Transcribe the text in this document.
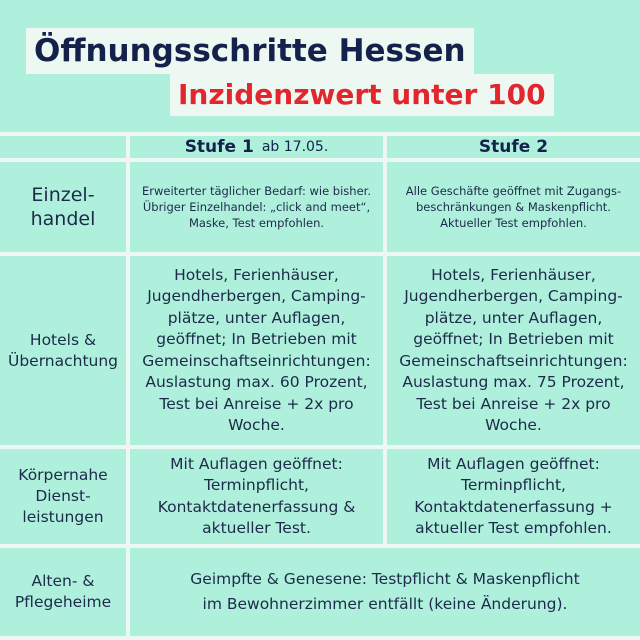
Öffnungsschritte Hessen
Inzidenzwert unter 100
Stufe 1 ab 17.05.	Stufe 2
Einzel-
handel
Erweiterter täglicher Bedarf: wie bisher.
Übriger Einzelhandel: „click and meet“,
Maske, Test empfohlen.
Alle Geschäfte geöffnet mit Zugangs-
beschränkungen & Maskenpflicht.
Aktueller Test empfohlen.
Hotels &
Übernachtung
Hotels, Ferienhäuser,
Jugendherbergen, Camping-
plätze, unter Auflagen,
geöffnet; In Betrieben mit
Gemeinschaftseinrichtungen:
Auslastung max. 60 Prozent,
Test bei Anreise + 2x pro
Woche.
Hotels, Ferienhäuser,
Jugendherbergen, Camping-
plätze, unter Auflagen,
geöffnet; In Betrieben mit
Gemeinschaftseinrichtungen:
Auslastung max. 75 Prozent,
Test bei Anreise + 2x pro
Woche.
Körpernahe
Dienst-
leistungen
Mit Auflagen geöffnet:
Terminpflicht,
Kontaktdatenerfassung &
aktueller Test.
Mit Auflagen geöffnet:
Terminpflicht,
Kontaktdatenerfassung +
aktueller Test empfohlen.
Alten- &
Pflegeheime
Geimpfte & Genesene: Testpflicht & Maskenpflicht
im Bewohnerzimmer entfällt (keine Änderung).
